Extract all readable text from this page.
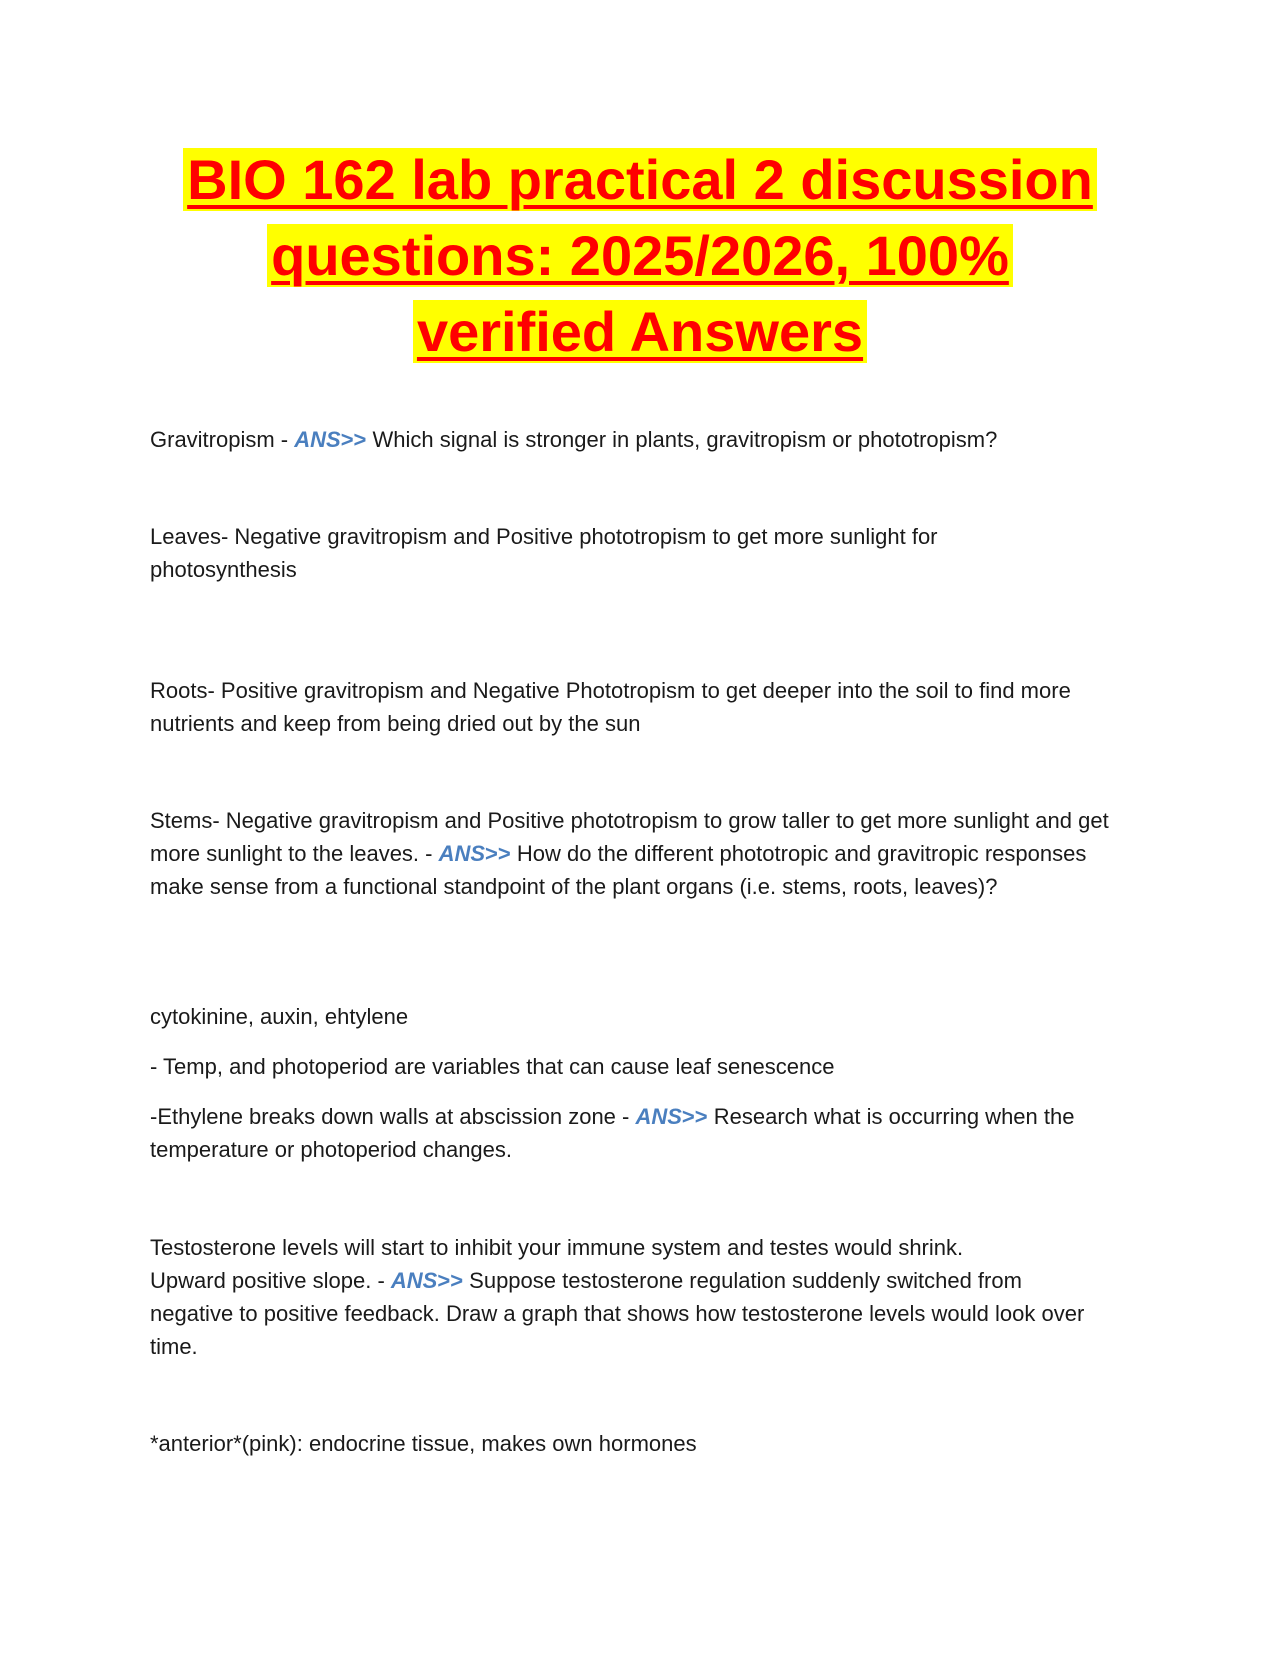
BIO 162 lab practical 2 discussion
questions: 2025/2026, 100%
verified Answers

Gravitropism - ANS>> Which signal is stronger in plants, gravitropism or phototropism?

Leaves- Negative gravitropism and Positive phototropism to get more sunlight for photosynthesis

Roots- Positive gravitropism and Negative Phototropism to get deeper into the soil to find more nutrients and keep from being dried out by the sun

Stems- Negative gravitropism and Positive phototropism to grow taller to get more sunlight and get more sunlight to the leaves. - ANS>> How do the different phototropic and gravitropic responses make sense from a functional standpoint of the plant organs (i.e. stems, roots, leaves)?

cytokinine, auxin, ehtylene

- Temp, and photoperiod are variables that can cause leaf senescence

-Ethylene breaks down walls at abscission zone - ANS>> Research what is occurring when the temperature or photoperiod changes.

Testosterone levels will start to inhibit your immune system and testes would shrink.

Upward positive slope. - ANS>> Suppose testosterone regulation suddenly switched from negative to positive feedback. Draw a graph that shows how testosterone levels would look over time.

*anterior*(pink): endocrine tissue, makes own hormones
